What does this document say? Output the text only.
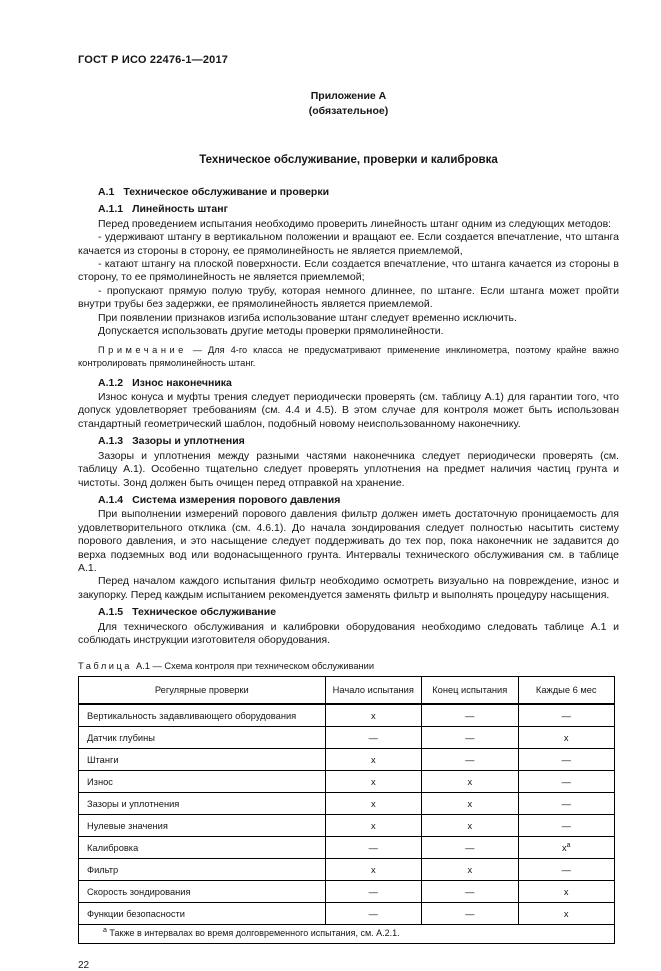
ГОСТ Р ИСО 22476-1—2017
Приложение А
(обязательное)
Техническое обслуживание, проверки и калибровка

А.1 Техническое обслуживание и проверки

А.1.1 Линейность штанг

Перед проведением испытания необходимо проверить линейность штанг одним из следующих методов:

- удерживают штангу в вертикальном положении и вращают ее. Если создается впечатление, что штанга качается из стороны в сторону, ее прямолинейность не является приемлемой,

- катают штангу на плоской поверхности. Если создается впечатление, что штанга качается из стороны в сторону, то ее прямолинейность не является приемлемой;

- пропускают прямую полую трубу, которая немного длиннее, по штанге. Если штанга может пройти внутри трубы без задержки, ее прямолинейность является приемлемой.

При появлении признаков изгиба использование штанг следует временно исключить.

Допускается использовать другие методы проверки прямолинейности.

Примечание — Для 4-го класса не предусматривают применение инклинометра, поэтому крайне важно контролировать прямолинейность штанг.

А.1.2 Износ наконечника

Износ конуса и муфты трения следует периодически проверять (см. таблицу А.1) для гарантии того, что допуск удовлетворяет требованиям (см. 4.4 и 4.5). В этом случае для контроля может быть использован стандартный геометрический шаблон, подобный новому неиспользованному наконечнику.

А.1.3 Зазоры и уплотнения

Зазоры и уплотнения между разными частями наконечника следует периодически проверять (см. таблицу А.1). Особенно тщательно следует проверять уплотнения на предмет наличия частиц грунта и чистоты. Зонд должен быть очищен перед отправкой на хранение.

А.1.4 Система измерения порового давления

При выполнении измерений порового давления фильтр должен иметь достаточную проницаемость для удовлетворительного отклика (см. 4.6.1). До начала зондирования следует полностью насытить систему порового давления, и это насыщение следует поддерживать до тех пор, пока наконечник не задавится до верха подземных вод или водонасыщенного грунта. Интервалы технического обслуживания см. в таблице А.1.

Перед началом каждого испытания фильтр необходимо осмотреть визуально на повреждение, износ и закупорку. Перед каждым испытанием рекомендуется заменять фильтр и выполнять процедуру насыщения.

А.1.5 Техническое обслуживание

Для технического обслуживания и калибровки оборудования необходимо следовать таблице А.1 и соблюдать инструкции изготовителя оборудования.

Таблица А.1 — Схема контроля при техническом обслуживании

Регулярные проверки	Начало испытания	Конец испытания	Каждые 6 мес
Вертикальность задавливающего оборудования	x	—	—
Датчик глубины	—	—	x
Штанги	x	—	—
Износ	x	x	—
Зазоры и уплотнения	x	x	—
Нулевые значения	x	x	—
Калибровка	—	—	$x^а$
Фильтр	x	x	—
Скорость зондирования	—	—	x
Функции безопасности	—	—	x
$^а$ Также в интервалах во время долговременного испытания, см. А.2.1.			
22
